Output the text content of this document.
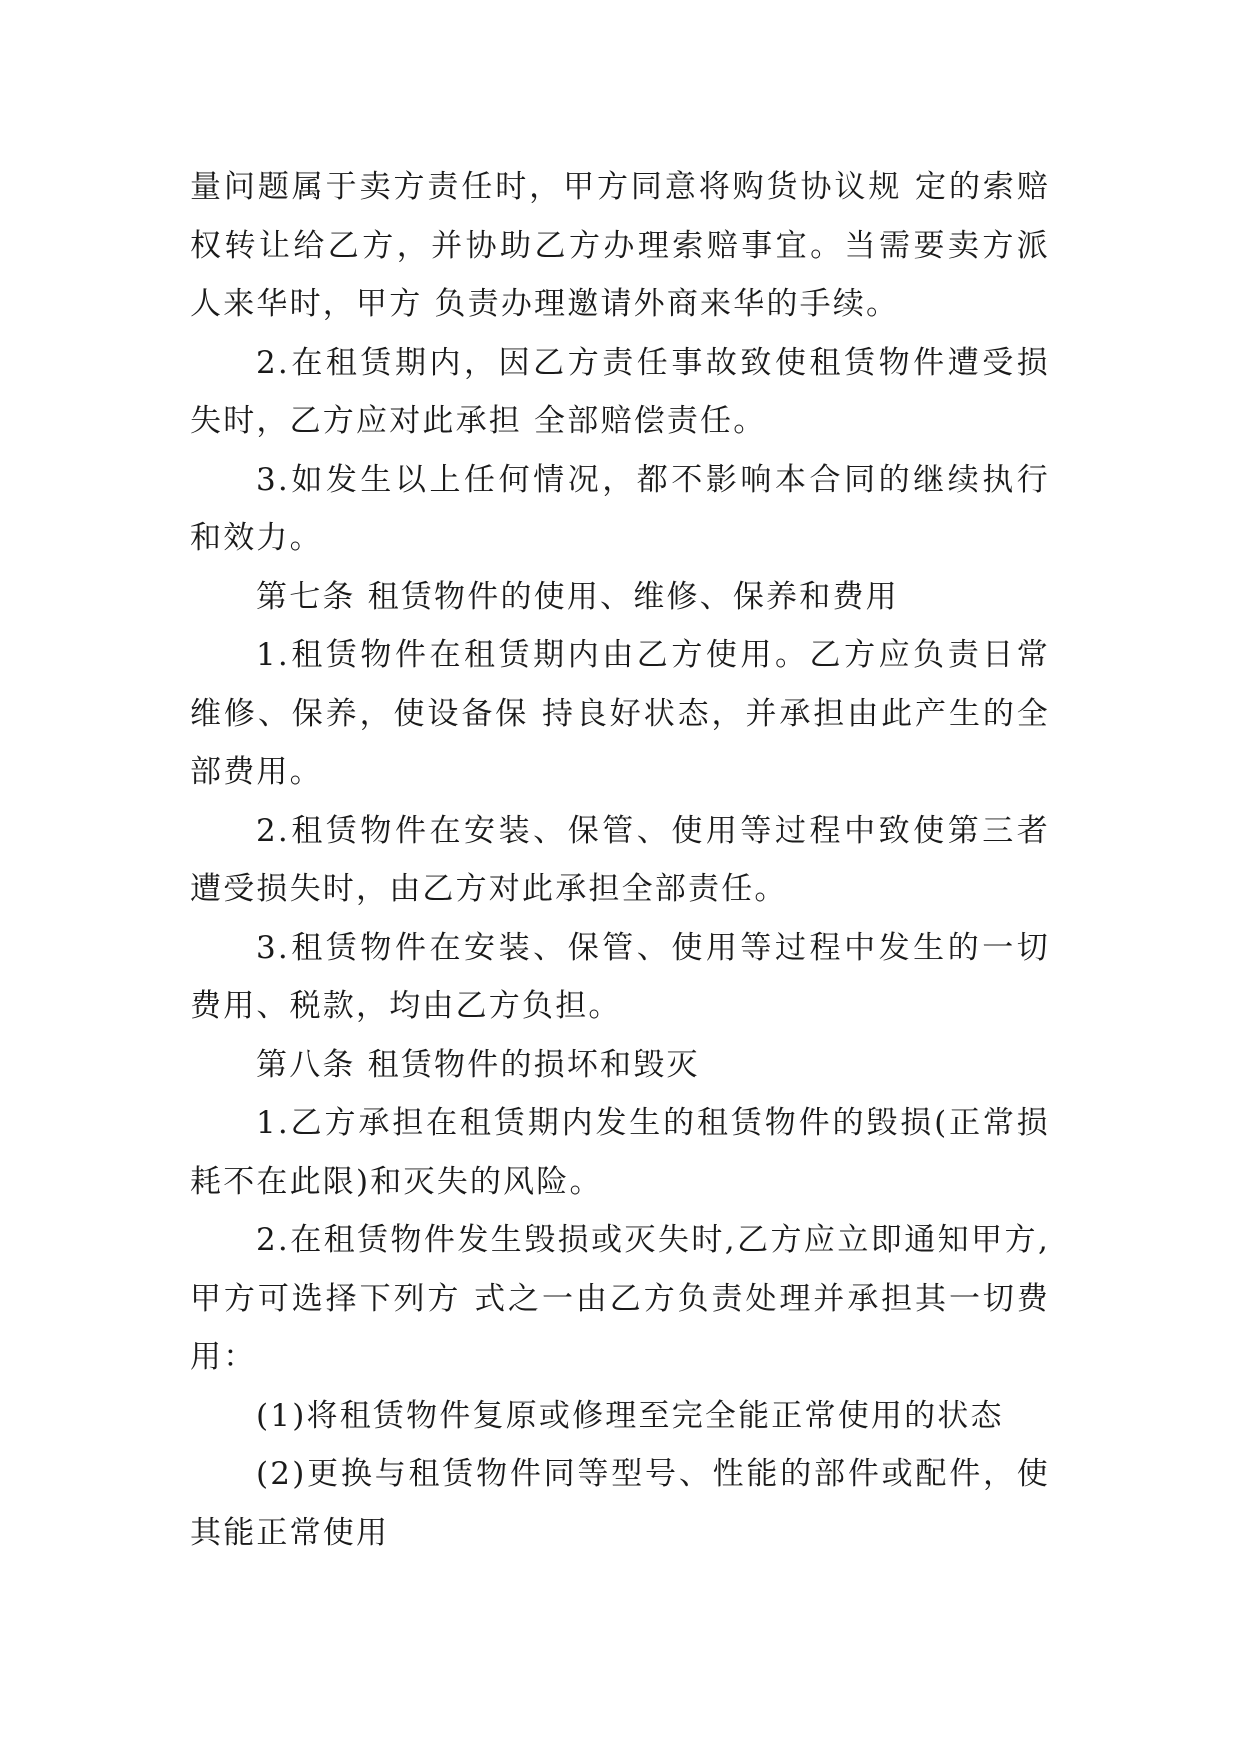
量问题属于卖方责任时，甲方同意将购货协议规 定的索赔权转让给乙方，并协助乙方办理索赔事宜。当需要卖方派人来华时，甲方 负责办理邀请外商来华的手续。

2.在租赁期内，因乙方责任事故致使租赁物件遭受损失时，乙方应对此承担 全部赔偿责任。

3.如发生以上任何情况，都不影响本合同的继续执行和效力。

第七条 租赁物件的使用、维修、保养和费用

1.租赁物件在租赁期内由乙方使用。乙方应负责日常维修、保养，使设备保 持良好状态，并承担由此产生的全部费用。

2.租赁物件在安装、保管、使用等过程中致使第三者遭受损失时，由乙方对此承担全部责任。

3.租赁物件在安装、保管、使用等过程中发生的一切费用、税款，均由乙方负担。

第八条 租赁物件的损坏和毁灭

1.乙方承担在租赁期内发生的租赁物件的毁损(正常损耗不在此限)和灭失的风险。

2.在租赁物件发生毁损或灭失时,乙方应立即通知甲方,甲方可选择下列方 式之一由乙方负责处理并承担其一切费用：

(1)将租赁物件复原或修理至完全能正常使用的状态

(2)更换与租赁物件同等型号、性能的部件或配件，使其能正常使用
